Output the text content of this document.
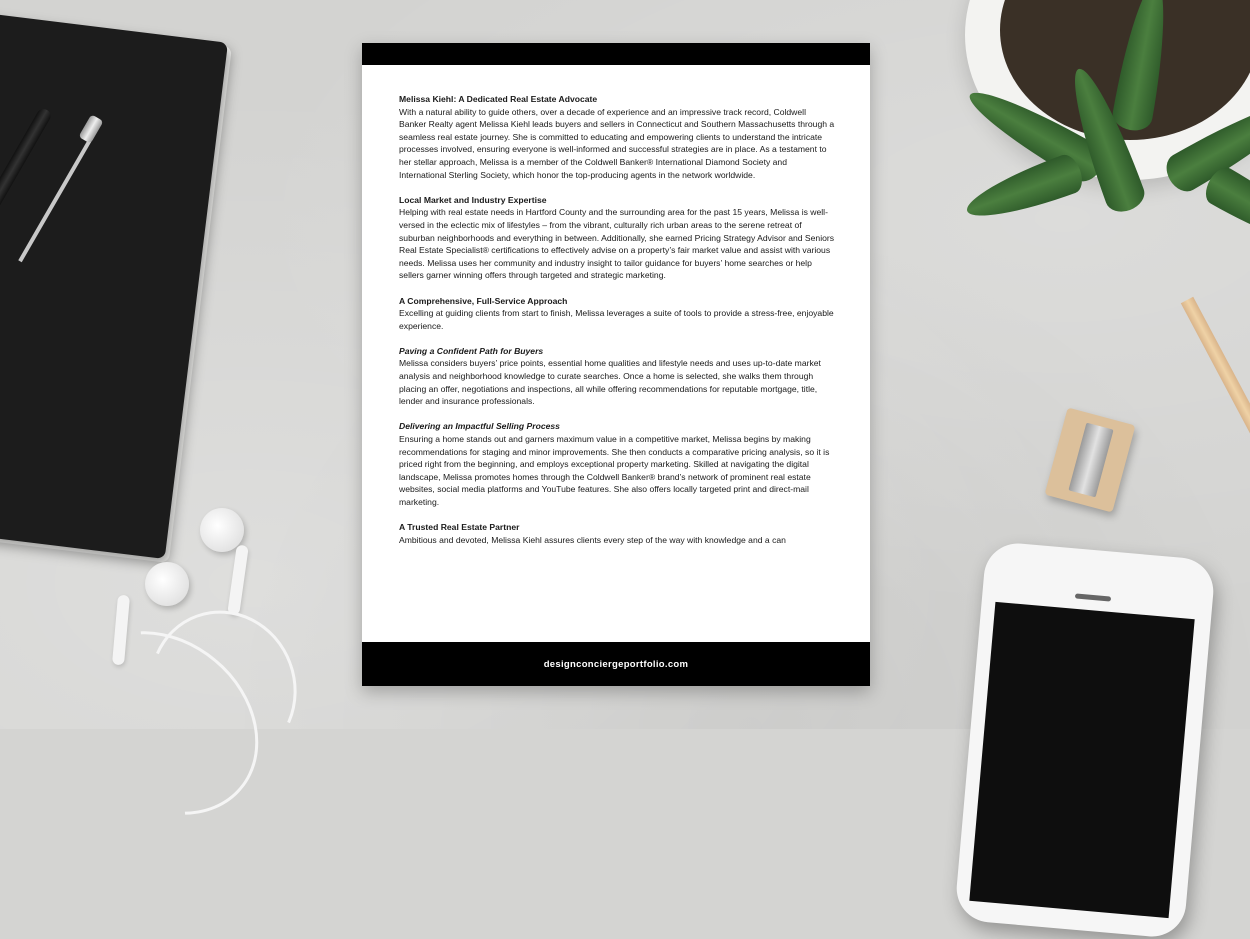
Melissa Kiehl: A Dedicated Real Estate Advocate
With a natural ability to guide others, over a decade of experience and an impressive track record, Coldwell Banker Realty agent Melissa Kiehl leads buyers and sellers in Connecticut and Southern Massachusetts through a seamless real estate journey. She is committed to educating and empowering clients to understand the intricate processes involved, ensuring everyone is well-informed and successful strategies are in place. As a testament to her stellar approach, Melissa is a member of the Coldwell Banker® International Diamond Society and International Sterling Society, which honor the top-producing agents in the network worldwide.
Local Market and Industry Expertise
Helping with real estate needs in Hartford County and the surrounding area for the past 15 years, Melissa is well-versed in the eclectic mix of lifestyles – from the vibrant, culturally rich urban areas to the serene retreat of suburban neighborhoods and everything in between. Additionally, she earned Pricing Strategy Advisor and Seniors Real Estate Specialist® certifications to effectively advise on a property’s fair market value and assist with various needs. Melissa uses her community and industry insight to tailor guidance for buyers’ home searches or help sellers garner winning offers through targeted and strategic marketing.
A Comprehensive, Full-Service Approach
Excelling at guiding clients from start to finish, Melissa leverages a suite of tools to provide a stress-free, enjoyable experience.
Paving a Confident Path for Buyers
Melissa considers buyers’ price points, essential home qualities and lifestyle needs and uses up-to-date market analysis and neighborhood knowledge to curate searches. Once a home is selected, she walks them through placing an offer, negotiations and inspections, all while offering recommendations for reputable mortgage, title, lender and insurance professionals.
Delivering an Impactful Selling Process
Ensuring a home stands out and garners maximum value in a competitive market, Melissa begins by making recommendations for staging and minor improvements. She then conducts a comparative pricing analysis, so it is priced right from the beginning, and employs exceptional property marketing. Skilled at navigating the digital landscape, Melissa promotes homes through the Coldwell Banker® brand’s network of prominent real estate websites, social media platforms and YouTube features. She also offers locally targeted print and direct-mail marketing.
A Trusted Real Estate Partner
Ambitious and devoted, Melissa Kiehl assures clients every step of the way with knowledge and a can
designconciergeportfolio.com
